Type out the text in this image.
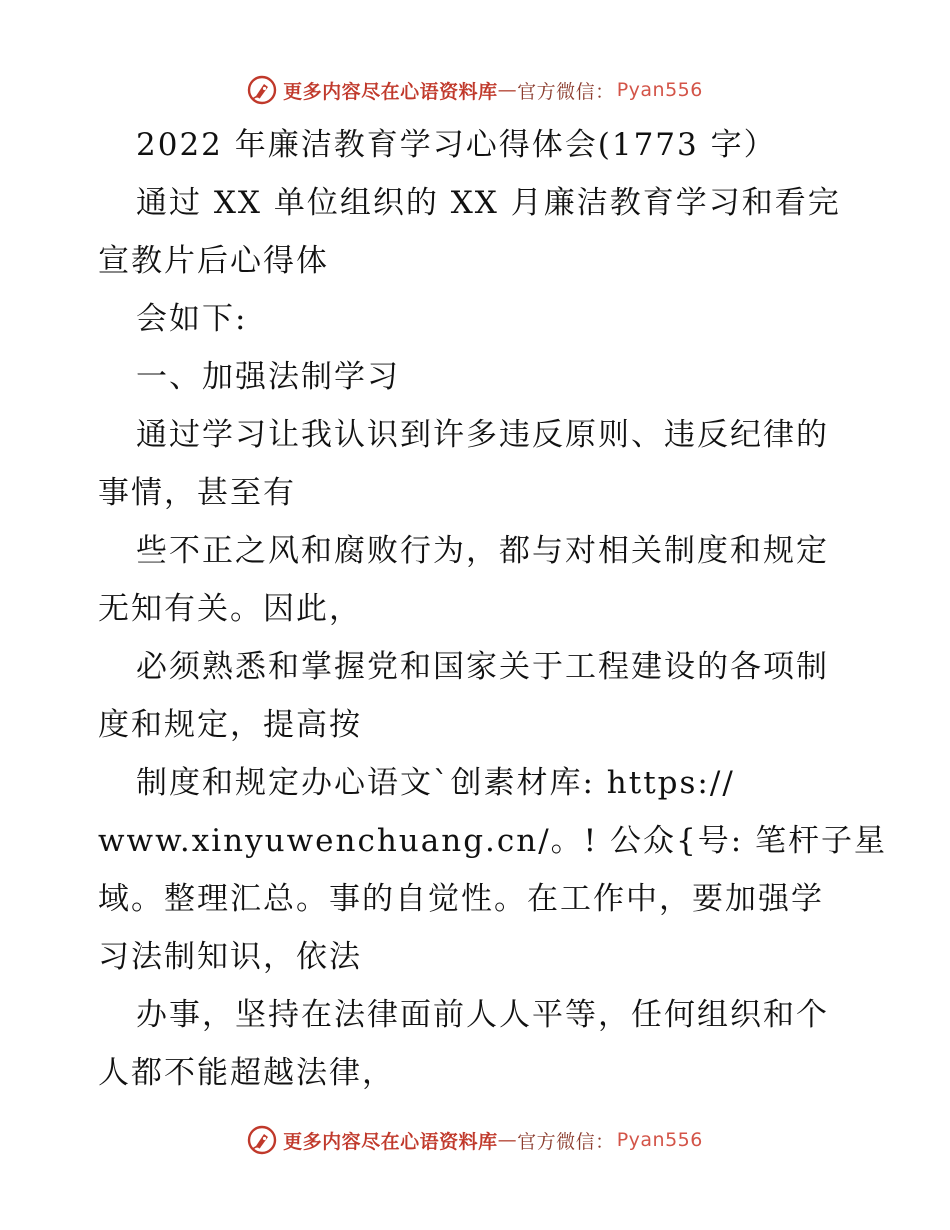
更多内容尽在心语资料库 — 官方微信： Pyan556
2022 年廉洁教育学习心得体会(1773 字）
通过 XX 单位组织的 XX 月廉洁教育学习和看完
宣教片后心得体
会如下:
一、加强法制学习
通过学习让我认识到许多违反原则、违反纪律的
事情，甚至有
些不正之风和腐败行为，都与对相关制度和规定
无知有关。因此，
必须熟悉和掌握党和国家关于工程建设的各项制
度和规定，提高按
制度和规定办心语文`创素材库: https://
www.xinyuwenchuang.cn/。! 公众{号: 笔杆子星
域。整理汇总。事的自觉性。在工作中，要加强学
习法制知识，依法
办事，坚持在法律面前人人平等，任何组织和个
人都不能超越法律，
更多内容尽在心语资料库 — 官方微信： Pyan556
